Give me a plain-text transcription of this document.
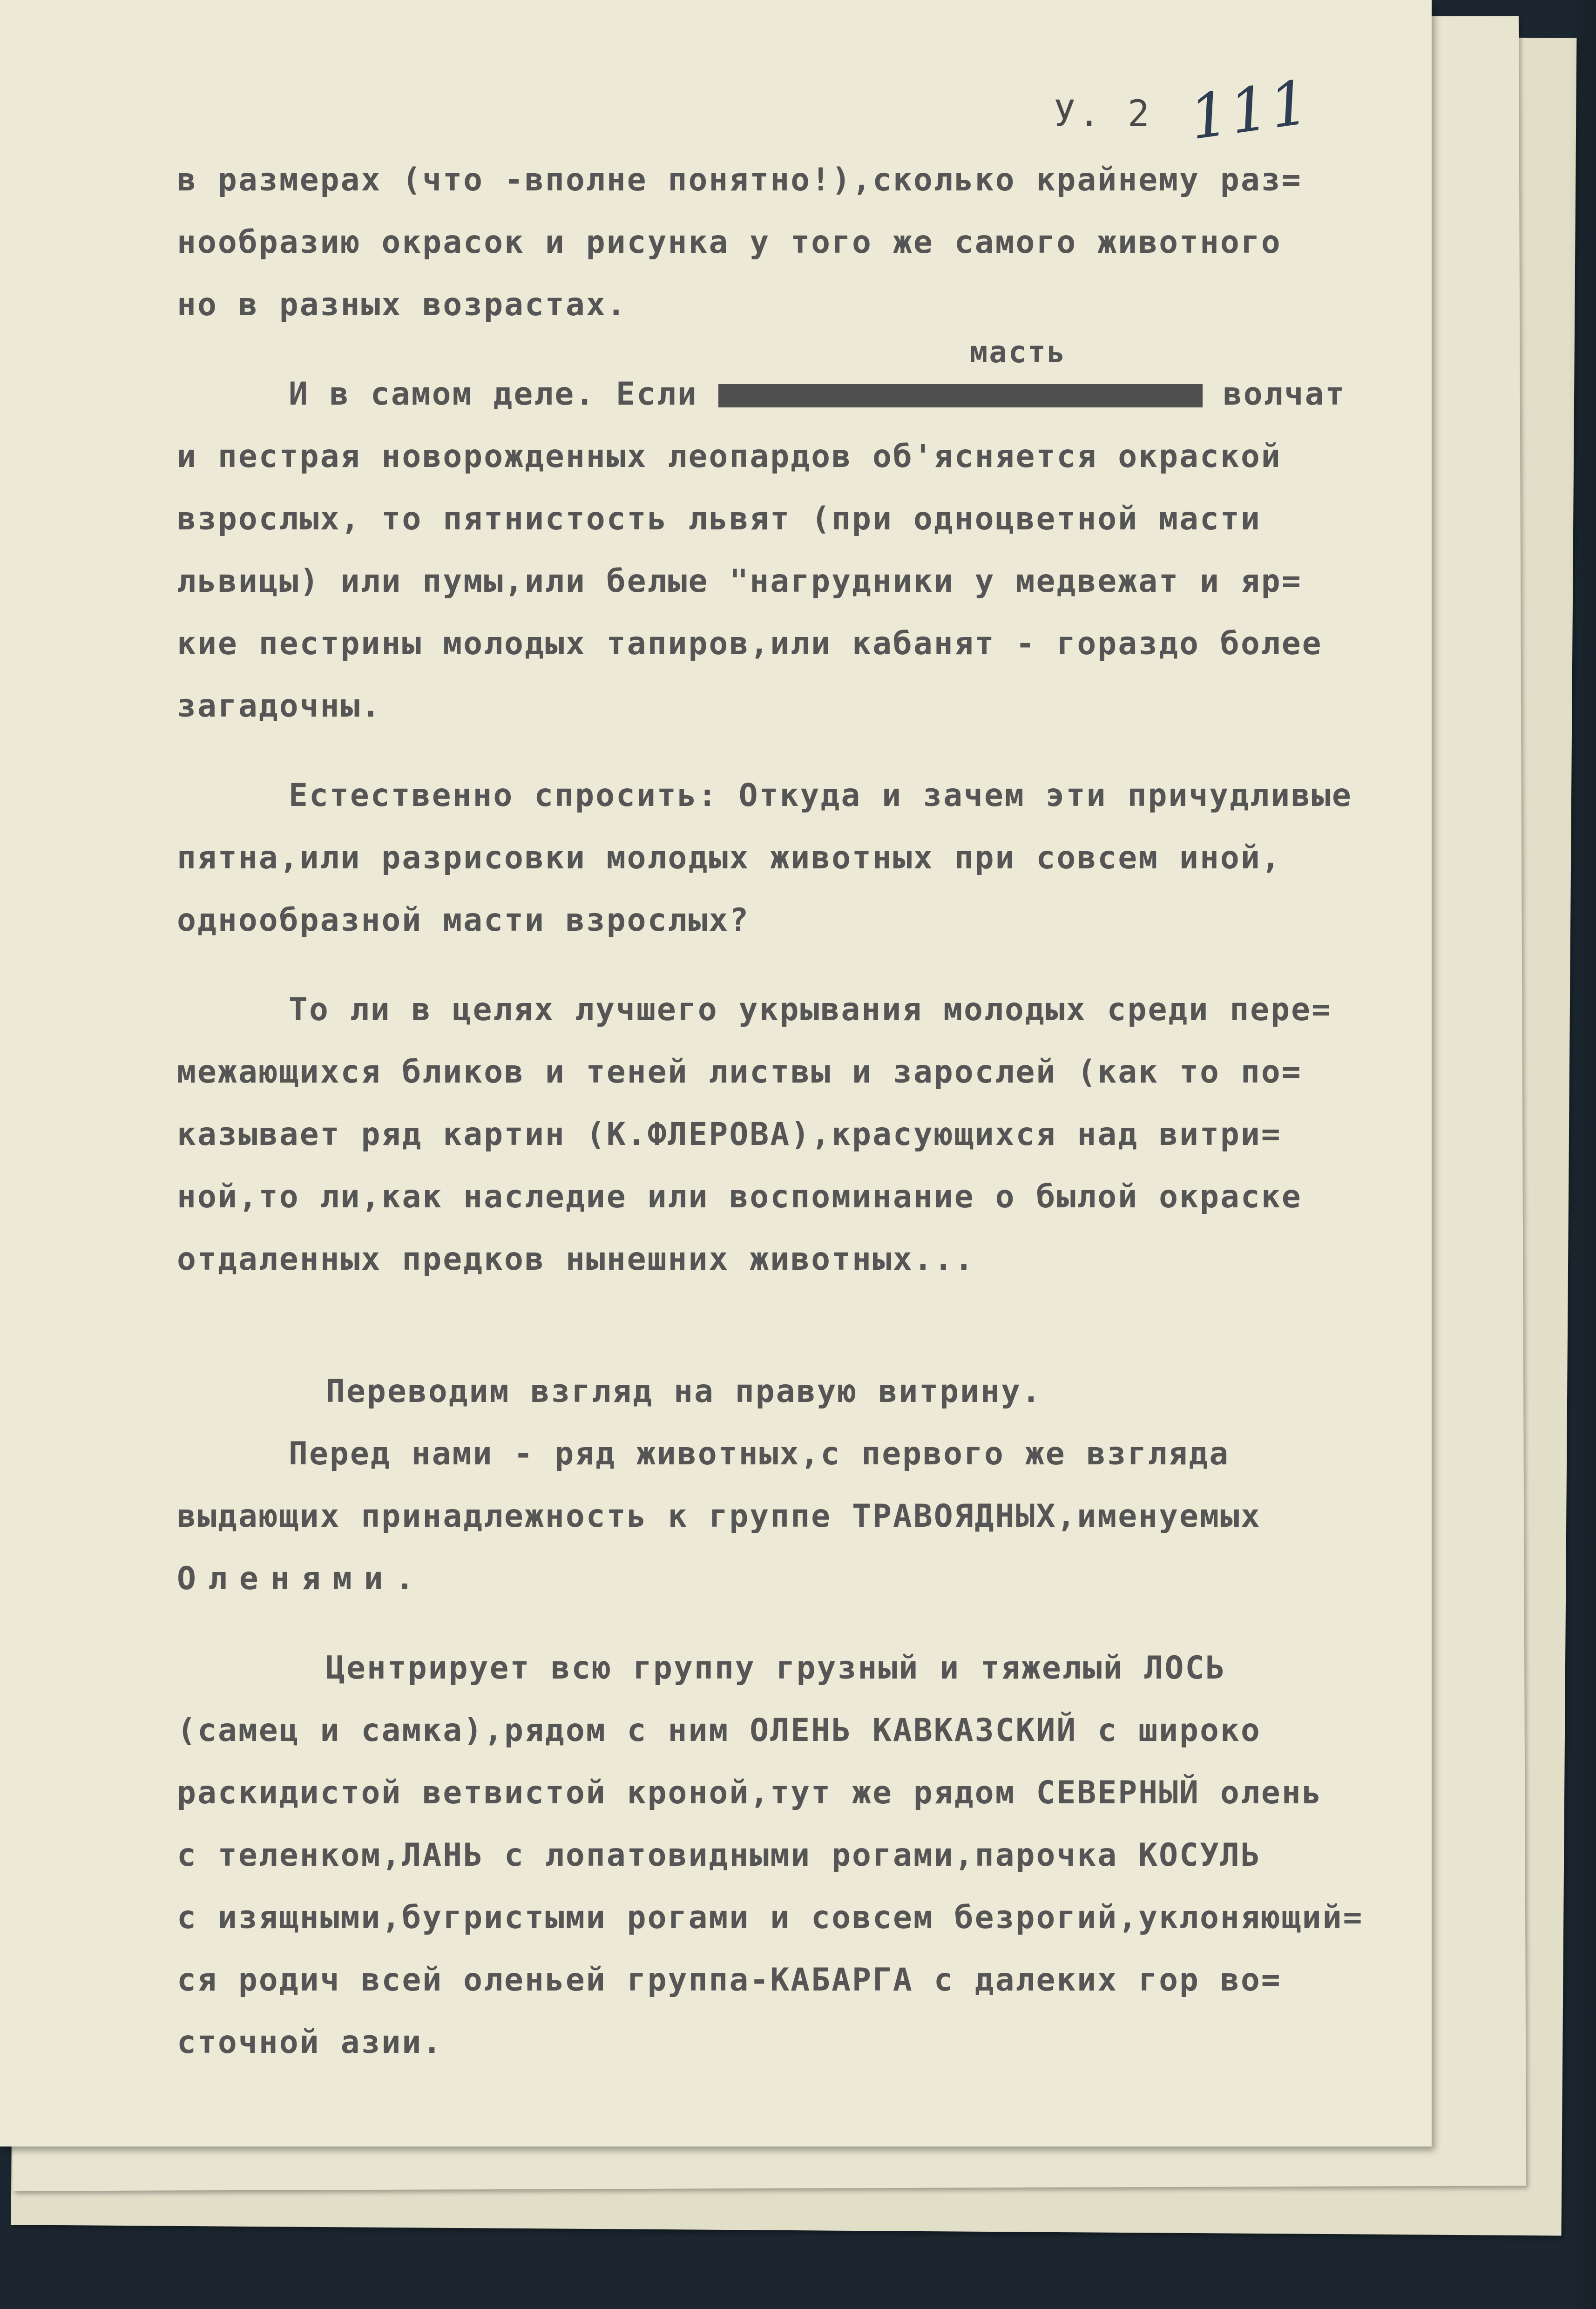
У. 2 111
в размерах (что -вполне понятно!),сколько крайнему раз=
нообразию окрасок и рисунка у того же самого животного
но в разных возрастах.
И в самом деле. Если
масть
волчат
и пестрая новорожденных леопардов об'ясняется окраской
взрослых, то пятнистость львят (при одноцветной масти
львицы) или пумы,или белые "нагрудники у медвежат и яр=
кие пестрины молодых тапиров,или кабанят - гораздо более
загадочны.
Естественно спросить: Откуда и зачем эти причудливые
пятна,или разрисовки молодых животных при совсем иной,
однообразной масти взрослых?
То ли в целях лучшего укрывания молодых среди пере=
межающихся бликов и теней листвы и зарослей (как то по=
казывает ряд картин (К.ФЛЕРОВА),красующихся над витри=
ной,то ли,как наследие или воспоминание о былой окраске
отдаленных предков нынешних животных...
Переводим взгляд на правую витрину.
Перед нами - ряд животных,с первого же взгляда
выдающих принадлежность к группе ТРАВОЯДНЫХ,именуемых
Оленями.
Центрирует всю группу грузный и тяжелый ЛОСЬ
(самец и самка),рядом с ним ОЛЕНЬ КАВКАЗСКИЙ с широко
раскидистой ветвистой кроной,тут же рядом СЕВЕРНЫЙ олень
с теленком,ЛАНЬ с лопатовидными рогами,парочка КОСУЛЬ
с изящными,бугристыми рогами и совсем безрогий,уклоняющий=
ся родич всей оленьей группа-КАБАРГА с далеких гор во=
сточной азии.
